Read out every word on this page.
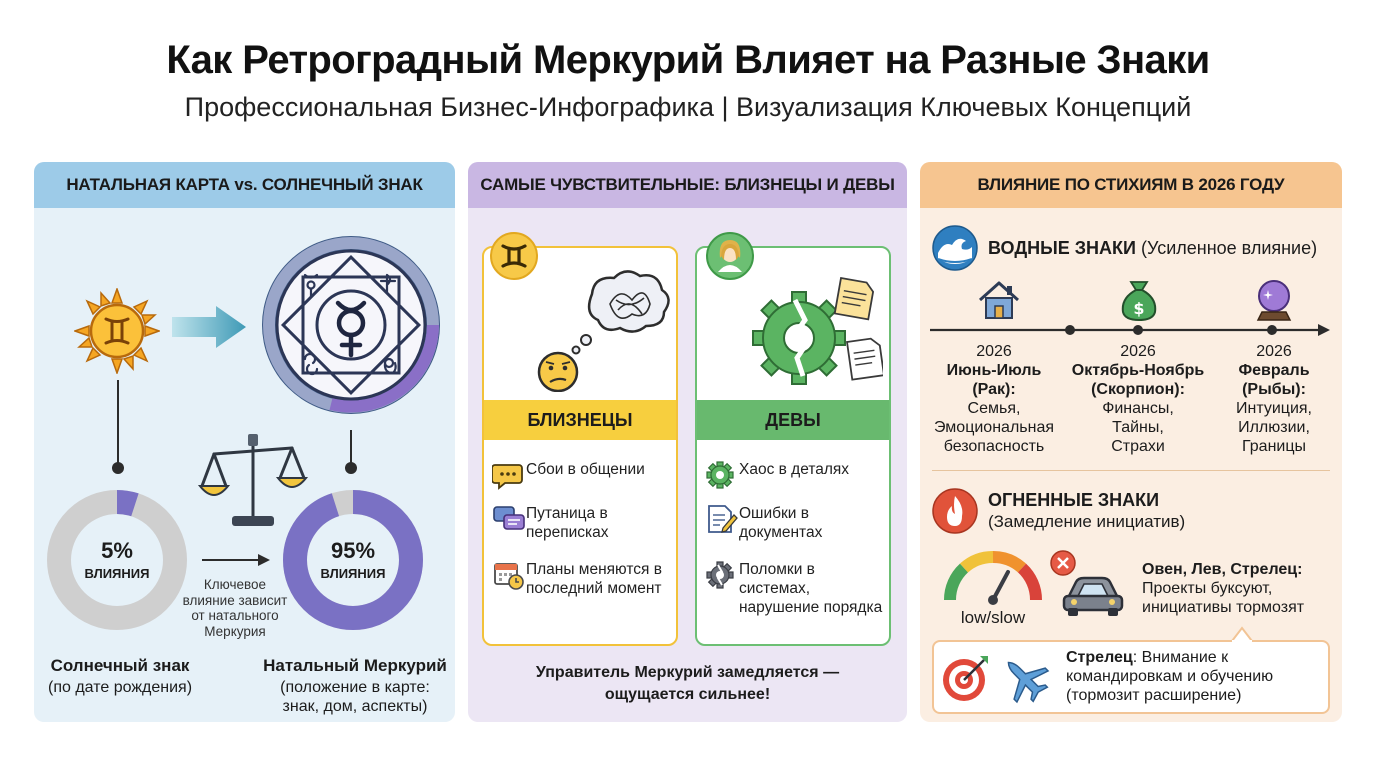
Как Ретроградный Меркурий Влияет на Разные Знаки
Профессиональная Бизнес-Инфографика | Визуализация Ключевых Концепций
НАТАЛЬНАЯ КАРТА vs. СОЛНЕЧНЫЙ ЗНАК
5%
ВЛИЯНИЯ
Ключевое
влияние зависит
от натального
Меркурия
95%
ВЛИЯНИЯ
Солнечный знак
(по дате рождения)
Натальный Меркурий
(положение в карте:
знак, дом, аспекты)
САМЫЕ ЧУВСТВИТЕЛЬНЫЕ: БЛИЗНЕЦЫ И ДЕВЫ
БЛИЗНЕЦЫ
Сбои в общении
Путаница в переписках
Планы меняются в последний момент
ДЕВЫ
Хаос в деталях
Ошибки в документах
Поломки в системах, нарушение порядка
Управитель Меркурий замедляется —
ощущается сильнее!
ВЛИЯНИЕ ПО СТИХИЯМ В 2026 ГОДУ
ВОДНЫЕ ЗНАКИ (Усиленное влияние)
$
2026
Июнь-Июль
(Рак):
Семья,
Эмоциональная
безопасность
2026
Октябрь-Ноябрь
(Скорпион):
Финансы,
Тайны,
Страхи
2026
Февраль
(Рыбы):
Интуиция,
Иллюзии,
Границы
ОГНЕННЫЕ ЗНАКИ
(Замедление инициатив)
low/slow
Овен, Лев, Стрелец:
Проекты буксуют,
инициативы тормозят
Стрелец: Внимание к
командировкам и обучению
(тормозит расширение)
